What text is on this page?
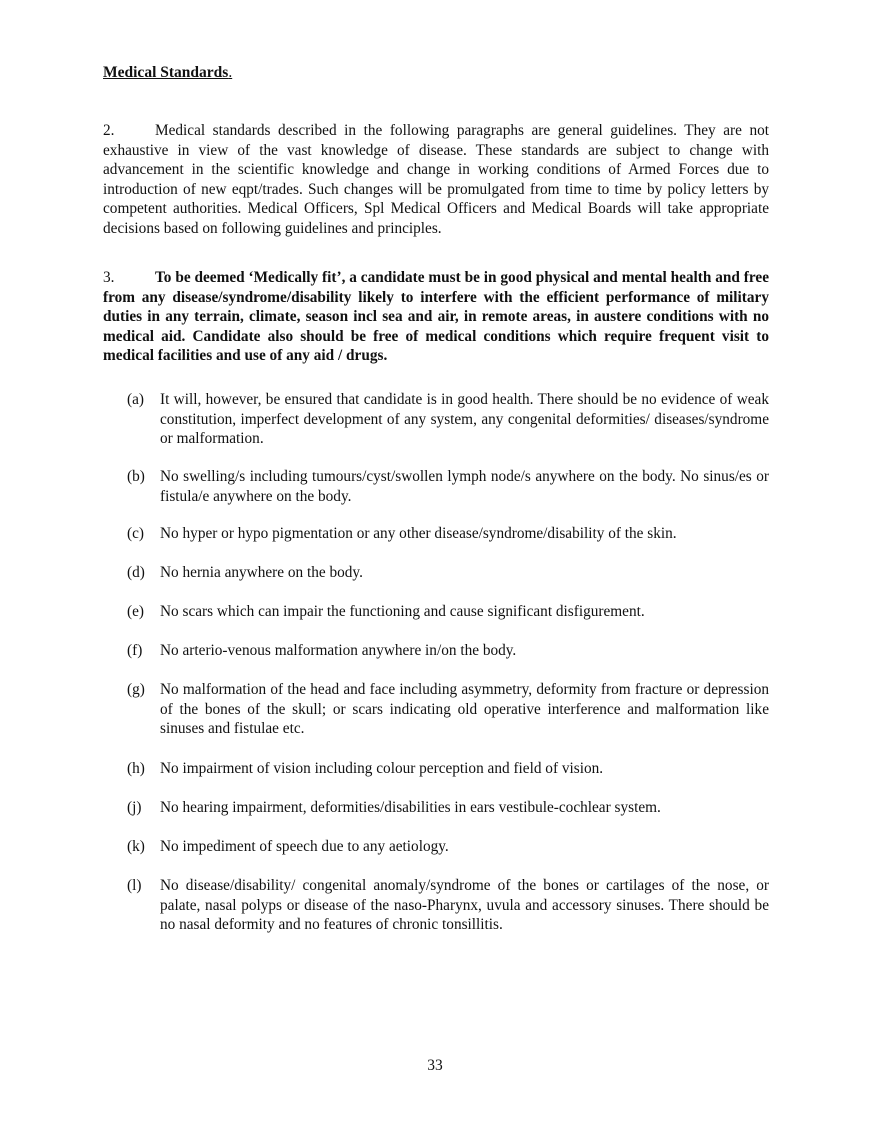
Medical Standards.
2.	Medical standards described in the following paragraphs are general guidelines. They are not exhaustive in view of the vast knowledge of disease. These standards are subject to change with advancement in the scientific knowledge and change in working conditions of Armed Forces due to introduction of new eqpt/trades. Such changes will be promulgated from time to time by policy letters by competent authorities. Medical Officers, Spl Medical Officers and Medical Boards will take appropriate decisions based on following guidelines and principles.
3.	To be deemed ‘Medically fit’, a candidate must be in good physical and mental health and free from any disease/syndrome/disability likely to interfere with the efficient performance of military duties in any terrain, climate, season incl sea and air, in remote areas, in austere conditions with no medical aid. Candidate also should be free of medical conditions which require frequent visit to medical facilities and use of any aid / drugs.
(a)	It will, however, be ensured that candidate is in good health. There should be no evidence of weak constitution, imperfect development of any system, any congenital deformities/ diseases/syndrome or malformation.
(b) No swelling/s including tumours/cyst/swollen lymph node/s anywhere on the body. No sinus/es or fistula/e anywhere on the body.
(c)	No hyper or hypo pigmentation or any other disease/syndrome/disability of the skin.
(d) No hernia anywhere on the body.
(e)	No scars which can impair the functioning and cause significant disfigurement.
(f)	No arterio-venous malformation anywhere in/on the body.
(g) No malformation of the head and face including asymmetry, deformity from fracture or depression of the bones of the skull; or scars indicating old operative interference and malformation like sinuses and fistulae etc.
(h) No impairment of vision including colour perception and field of vision.
(j)	No hearing impairment, deformities/disabilities in ears vestibule-cochlear system.
(k) No impediment of speech due to any aetiology.
(l)	No disease/disability/ congenital anomaly/syndrome of the bones or cartilages of the nose, or palate, nasal polyps or disease of the naso-Pharynx, uvula and accessory sinuses. There should be no nasal deformity and no features of chronic tonsillitis.
33
